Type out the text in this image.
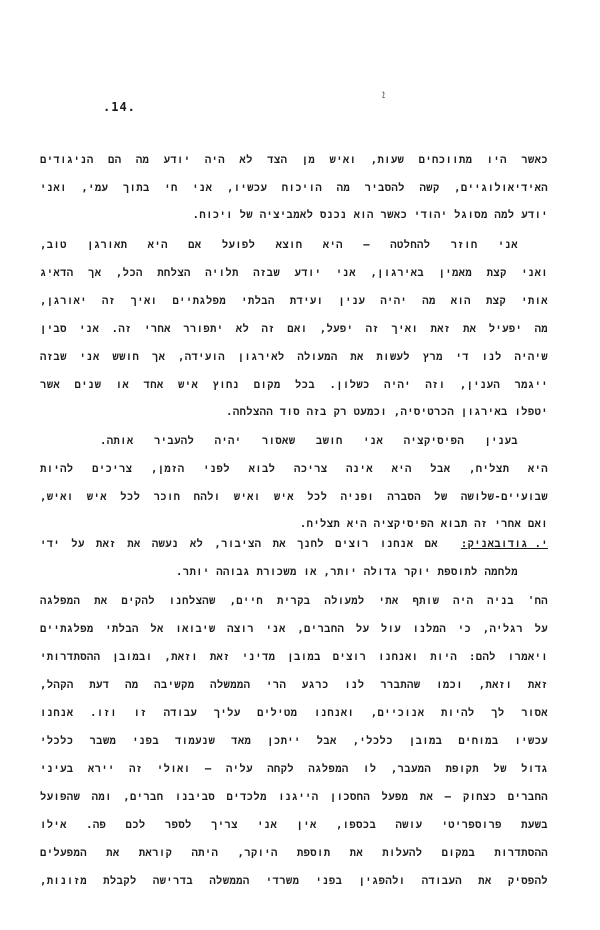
.14.
ܐ
כאשר היו מתווכחים שעות, ואיש מן הצד לא היה יודע מה הם הניגודים
האידיאולוגיים, קשה להסביר מה הויכוח עכשיו, אני חי בתוך עמי, ואני
יודע למה מסוגל יהודי כאשר הוא נכנס לאמביציה של ויכוח.
אני חוזר להחלטה – היא חוצא לפועל אם היא תאורגן טוב,
ואני קצת מאמין באירגון, אני יודע שבזה תלויה הצלחת הכל, אך הדאיג
אותי קצת הוא מה יהיה ענין ועידת הבלתי מפלגתיים ואיך זה יאורגן,
מה יפעיל את זאת ואיך זה יפעל, ואם זה לא יתפורר אחרי זה. אני סבין
שיהיה לנו די מרץ לעשות את המעולה לאירגון הועידה, אך חושש אני שבזה
ייגמר הענין, וזה יהיה כשלון. בכל מקום נחוץ איש אחד או שנים אשר
יטפלו באירגון הכרטיסיה, וכמעט רק בזה סוד ההצלחה.
בענין הפיסיקציה אני חושב שאסור יהיה להעביר אותה.
היא תצליח, אבל היא אינה צריכה לבוא לפני הזמן, צריכים להיות
שבועיים-שלושה של הסברה ופניה לכל איש ואיש ולהח חוכר לכל איש ואיש,
ואם אחרי זה תבוא הפיסיקציה היא תצליח.
אם אנחנו רוצים לחנך את הציבור, לא נעשה את זאת על ידי	י. גודובאניק:
מלחמה לתוספת יוקר גדולה יותר, או משכורת גבוהה יותר.
הח' בניה היה שותף אתי למעולה בקרית חיים, שהצלחנו להקים את המפלגה
על רגליה, כי המלנו עול על החברים, אני רוצה שיבואו אל הבלתי מפלגתיים
ויאמרו להם: היות ואנחנו רוצים במובן מדיני זאת וזאת, ובמובן ההסתדרותי
זאת וזאת, וכמו שהתברר לנו כרגע הרי הממשלה מקשיבה מה דעת הקהל,
אסור לך להיות אנוכיים, ואנחנו מטילים עליך עבודה זו וזו. אנחנו
עכשיו במוחים במובן כלכלי, אבל ייתכן מאד שנעמוד בפני משבר כלכלי
גדול של תקופת המעבר, לו המפלגה לקחה עליה – ואולי זה יירא בעיני
החברים כצחוק – את מפעל החסכון הייגנו מלכדים סביבנו חברים, ומה שהפועל
בשעת פרוספריטי עושה בכספו, אין אני צריך לספר לכם פה. אילו
ההסתדרות במקום להעלות את תוספת היוקר, היתה קוראת את המפעלים
להפסיק את העבודה ולהפגין בפני משרדי הממשלה בדרישה לקבלת מזונות,
